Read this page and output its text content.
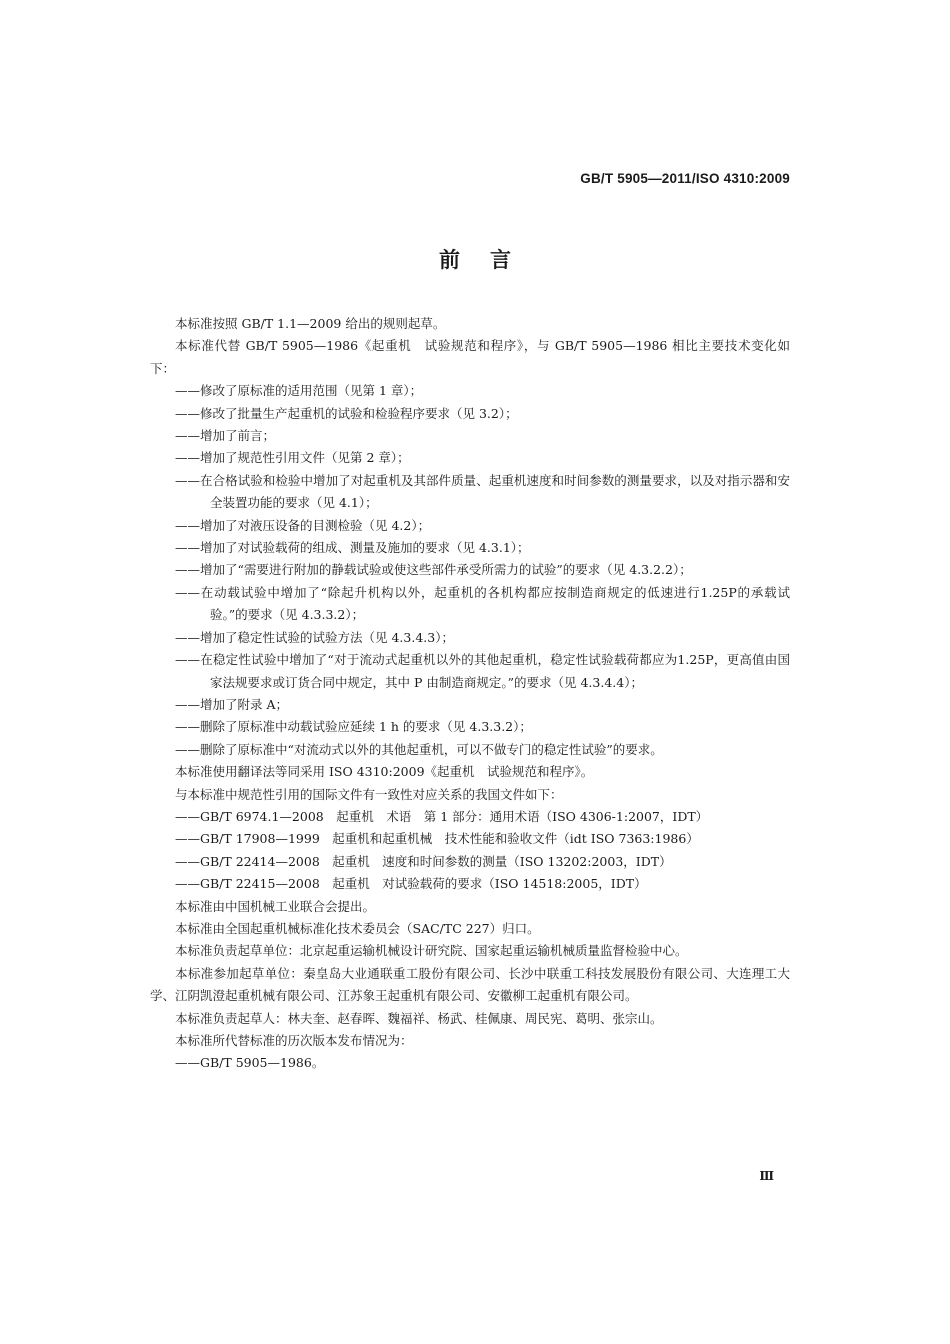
GB/T 5905—2011/ISO 4310:2009
前言

本标准按照 GB/T 1.1—2009 给出的规则起草。

本标准代替 GB/T 5905—1986《起重机　试验规范和程序》，与 GB/T 5905—1986 相比主要技术变化如下：

——修改了原标准的适用范围（见第 1 章）；

——修改了批量生产起重机的试验和检验程序要求（见 3.2）；

——增加了前言；

——增加了规范性引用文件（见第 2 章）；

——在合格试验和检验中增加了对起重机及其部件质量、起重机速度和时间参数的测量要求，以及对指示器和安全装置功能的要求（见 4.1）；

——增加了对液压设备的目测检验（见 4.2）；

——增加了对试验载荷的组成、测量及施加的要求（见 4.3.1）；

——增加了“需要进行附加的静载试验或使这些部件承受所需力的试验”的要求（见 4.3.2.2）；

——在动载试验中增加了“除起升机构以外，起重机的各机构都应按制造商规定的低速进行1.25P的承载试验。”的要求（见 4.3.3.2）；

——增加了稳定性试验的试验方法（见 4.3.4.3）；

——在稳定性试验中增加了“对于流动式起重机以外的其他起重机，稳定性试验载荷都应为1.25P，更高值由国家法规要求或订货合同中规定，其中 P 由制造商规定。”的要求（见 4.3.4.4）；

——增加了附录 A；

——删除了原标准中动载试验应延续 1 h 的要求（见 4.3.3.2）；

——删除了原标准中“对流动式以外的其他起重机，可以不做专门的稳定性试验”的要求。

本标准使用翻译法等同采用 ISO 4310:2009《起重机　试验规范和程序》。

与本标准中规范性引用的国际文件有一致性对应关系的我国文件如下：

——GB/T 6974.1—2008　起重机　术语　第 1 部分：通用术语（ISO 4306-1:2007，IDT）

——GB/T 17908—1999　起重机和起重机械　技术性能和验收文件（idt ISO 7363:1986）

——GB/T 22414—2008　起重机　速度和时间参数的测量（ISO 13202:2003，IDT）

——GB/T 22415—2008　起重机　对试验载荷的要求（ISO 14518:2005，IDT）

本标准由中国机械工业联合会提出。

本标准由全国起重机械标准化技术委员会（SAC/TC 227）归口。

本标准负责起草单位：北京起重运输机械设计研究院、国家起重运输机械质量监督检验中心。

本标准参加起草单位：秦皇岛大业通联重工股份有限公司、长沙中联重工科技发展股份有限公司、大连理工大学、江阴凯澄起重机械有限公司、江苏象王起重机有限公司、安徽柳工起重机有限公司。

本标准负责起草人：林夫奎、赵春晖、魏福祥、杨武、桂佩康、周民宪、葛明、张宗山。

本标准所代替标准的历次版本发布情况为：

——GB/T 5905—1986。

Ⅲ
